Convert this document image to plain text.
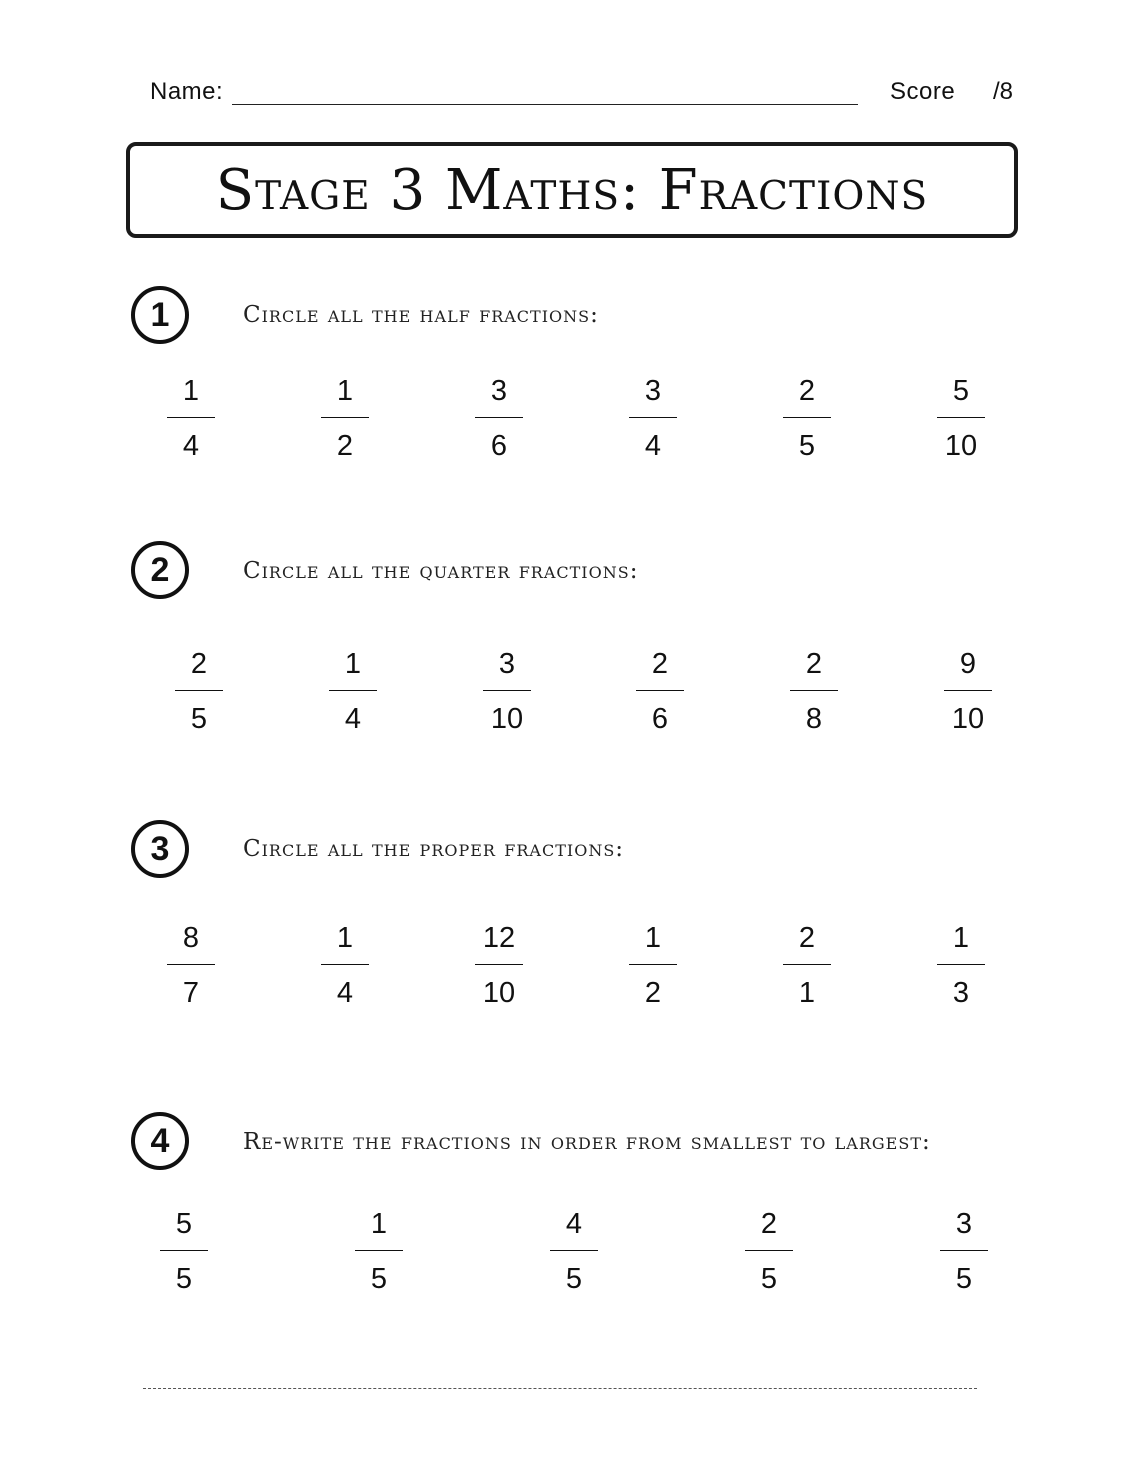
Name:	Score /8
Stage 3 Maths: Fractions
1	Circle all the half fractions:
1
4
1
2
3
6
3
4
2
5
5
10
2	Circle all the quarter fractions:
2
5
1
4
3
10
2
6
2
8
9
10
3	Circle all the proper fractions:
8
7
1
4
12
10
1
2
2
1
1
3
4	Re-write the fractions in order from smallest to largest:
5
5
1
5
4
5
2
5
3
5
